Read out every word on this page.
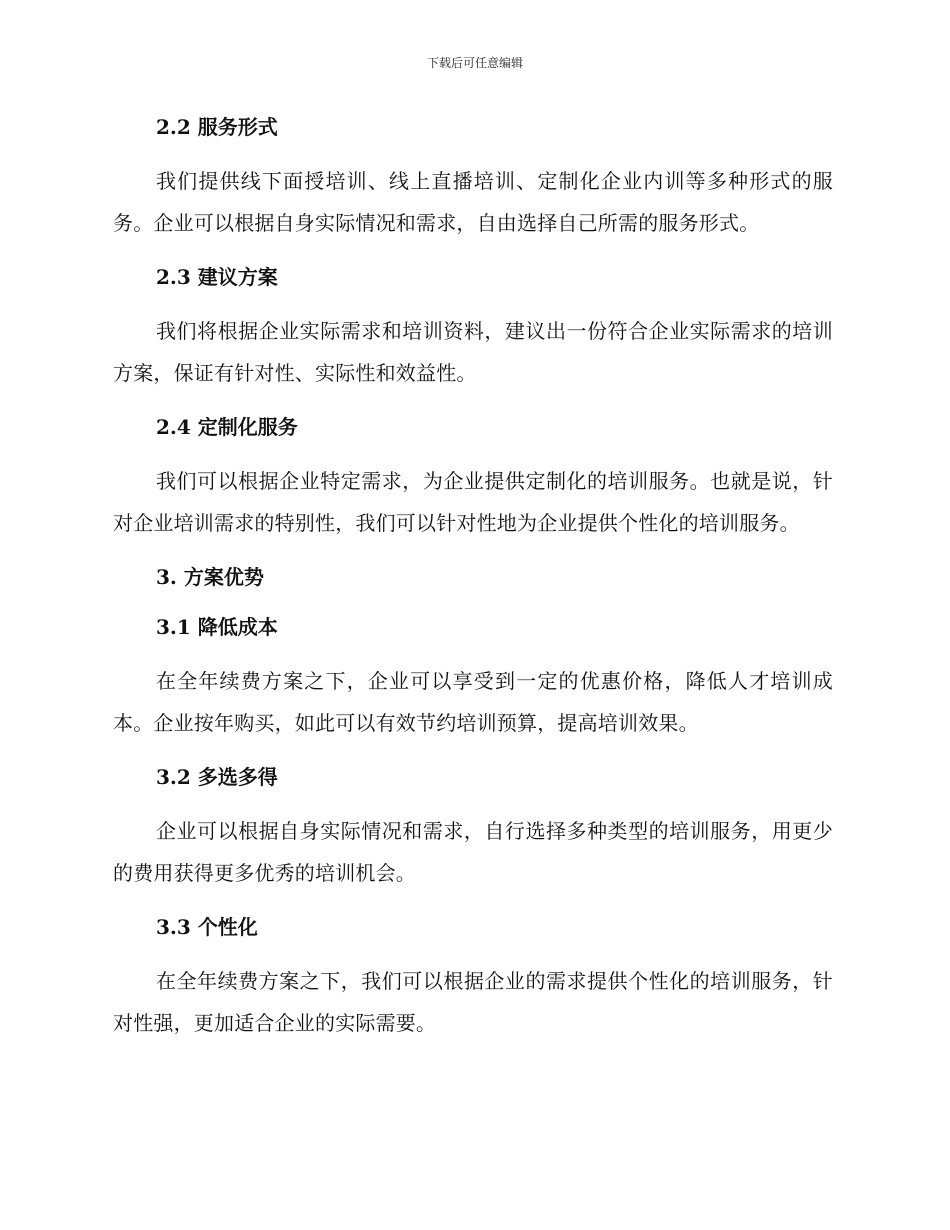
下载后可任意编辑
2.2 服务形式

我们提供线下面授培训、线上直播培训、定制化企业内训等多种形式的服务。企业可以根据自身实际情况和需求，自由选择自己所需的服务形式。

2.3 建议方案

我们将根据企业实际需求和培训资料，建议出一份符合企业实际需求的培训方案，保证有针对性、实际性和效益性。

2.4 定制化服务

我们可以根据企业特定需求，为企业提供定制化的培训服务。也就是说，针对企业培训需求的特别性，我们可以针对性地为企业提供个性化的培训服务。

3. 方案优势
3.1 降低成本

在全年续费方案之下，企业可以享受到一定的优惠价格，降低人才培训成本。企业按年购买，如此可以有效节约培训预算，提高培训效果。

3.2 多选多得

企业可以根据自身实际情况和需求，自行选择多种类型的培训服务，用更少的费用获得更多优秀的培训机会。

3.3 个性化

在全年续费方案之下，我们可以根据企业的需求提供个性化的培训服务，针对性强，更加适合企业的实际需要。
